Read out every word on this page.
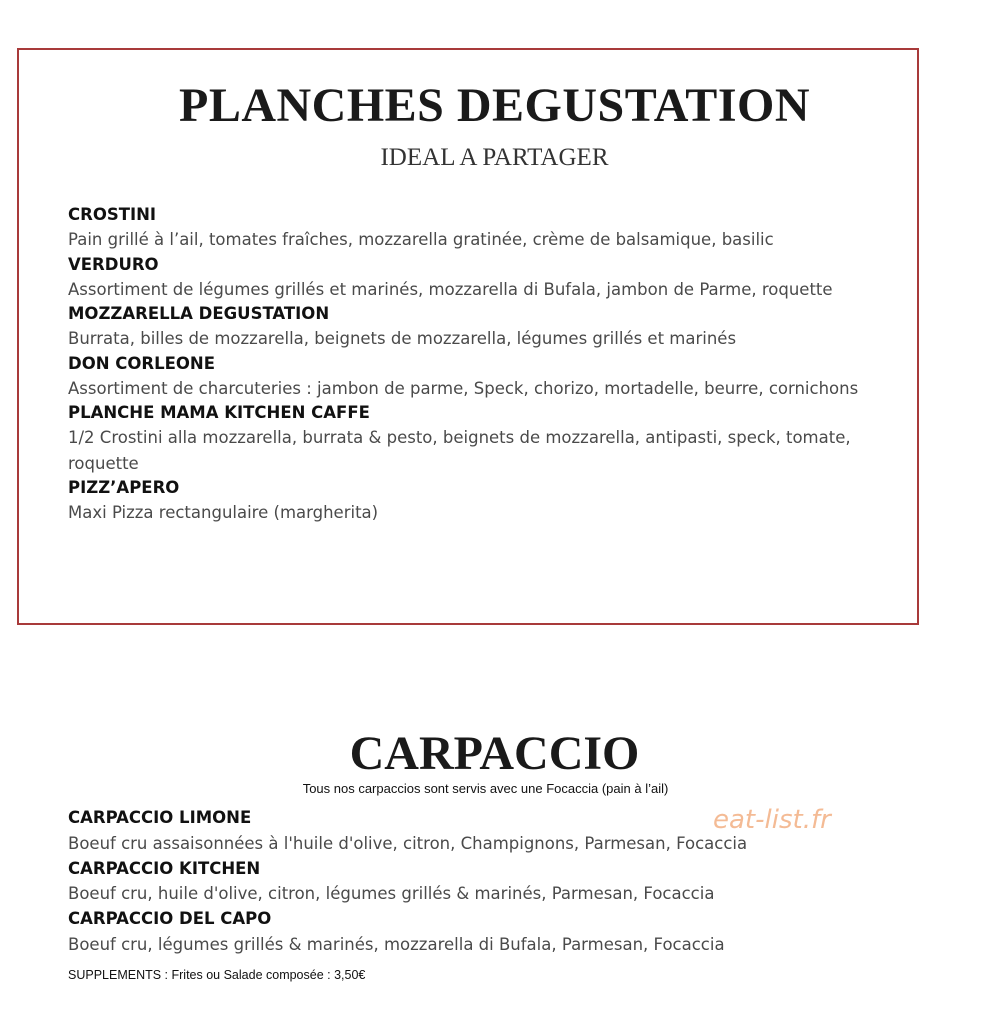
PLANCHES DEGUSTATION
IDEAL A PARTAGER
CROSTINI
Pain grillé à l’ail, tomates fraîches, mozzarella gratinée, crème de balsamique, basilic
VERDURO
Assortiment de légumes grillés et marinés, mozzarella di Bufala, jambon de Parme, roquette
MOZZARELLA DEGUSTATION
Burrata, billes de mozzarella, beignets de mozzarella, légumes grillés et marinés
DON CORLEONE
Assortiment de charcuteries : jambon de parme, Speck, chorizo, mortadelle, beurre, cornichons
PLANCHE MAMA KITCHEN CAFFE
1/2 Crostini alla mozzarella, burrata & pesto, beignets de mozzarella, antipasti, speck, tomate, roquette
PIZZ’APERO
Maxi Pizza rectangulaire (margherita)
CARPACCIO
Tous nos carpaccios sont servis avec une Focaccia (pain à l’ail)
CARPACCIO LIMONE
Boeuf cru assaisonnées à l'huile d'olive, citron, Champignons, Parmesan, Focaccia
CARPACCIO KITCHEN
Boeuf cru, huile d'olive, citron, légumes grillés & marinés, Parmesan, Focaccia
CARPACCIO DEL CAPO
Boeuf cru, légumes grillés & marinés, mozzarella di Bufala, Parmesan, Focaccia
SUPPLEMENTS : Frites ou Salade composée : 3,50€
eat-list.fr
